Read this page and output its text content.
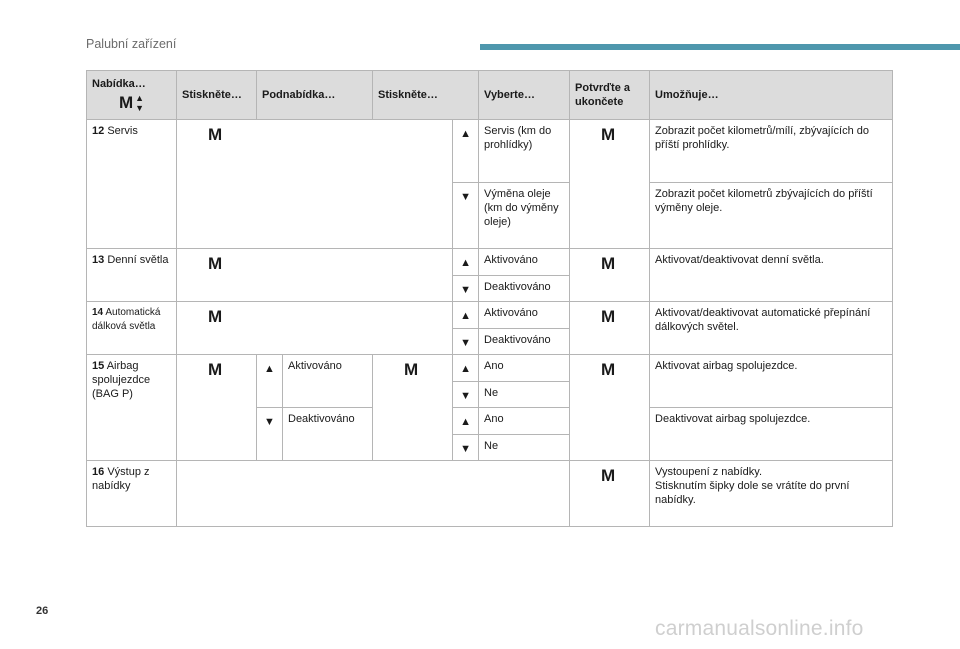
Palubní zařízení
Nabídka…
M ▲
▼	Stiskněte…	Podnabídka…		Stiskněte…		Vyberte…	Potvrďte a ukončete	Umožňuje…
12 Servis	M				▲	Servis (km do prohlídky)	M	Zobrazit počet kilometrů/mílí, zbývajících do příští prohlídky.
					▼	Výměna oleje (km do výměny oleje)		Zobrazit počet kilometrů zbývajících do příští výměny oleje.
13 Denní světla	M				▲	Aktivováno	M	Aktivovat/deaktivovat denní světla.
					▼	Deaktivováno		
14 Automatická dálková světla	M				▲	Aktivováno	M	Aktivovat/deaktivovat automatické přepínání dálkových světel.
					▼	Deaktivováno		
15 Airbag spolujezdce (BAG P)	M	▲	Aktivováno	M	▲	Ano	M	Aktivovat airbag spolujezdce.
					▼	Ne		
		▼	Deaktivováno		▲	Ano		Deaktivovat airbag spolujezdce.
					▼	Ne		
16 Výstup z nabídky							M	Vystoupení z nabídky.
Stisknutím šipky dole se vrátíte do první nabídky.
26
carmanualsonline.info
